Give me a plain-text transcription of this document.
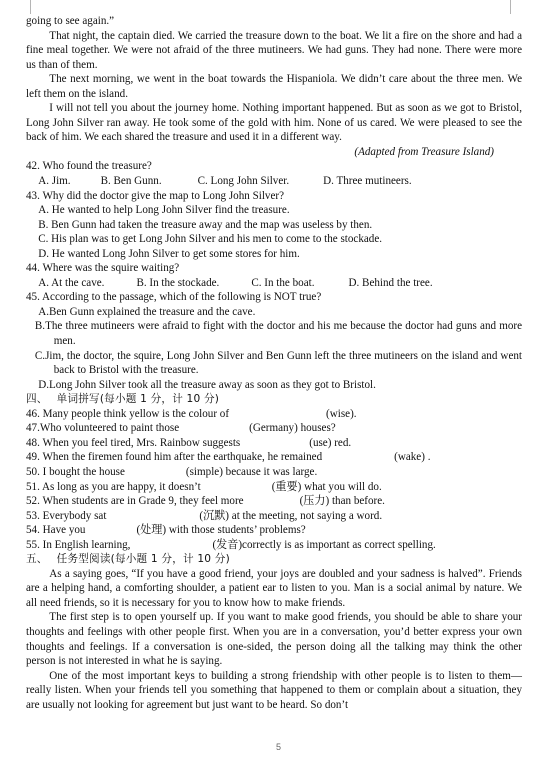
going to see again.”

That night, the captain died. We carried the treasure down to the boat. We lit a fire on the shore and had a fine meal together. We were not afraid of the three mutineers. We had guns. They had none. There were more us than of them.

The next morning, we went in the boat towards the Hispaniola. We didn’t care about the three men. We left them on the island.

I will not tell you about the journey home. Nothing important happened. But as soon as we got to Bristol, Long John Silver ran away. He took some of the gold with him. None of us cared. We were pleased to see the back of him. We each shared the treasure and used it in a different way.

(Adapted from Treasure Island)

42. Who found the treasure?

A. Jim.	B. Ben Gunn.	C. Long John Silver.	D. Three mutineers.

43. Why did the doctor give the map to Long John Silver?

A. He wanted to help Long John Silver find the treasure.

B. Ben Gunn had taken the treasure away and the map was useless by then.

C. His plan was to get Long John Silver and his men to come to the stockade.

D. He wanted Long John Silver to get some stores for him.

44. Where was the squire waiting?

A. At the cave.	B. In the stockade.	C. In the boat.	D. Behind the tree.

45. According to the passage, which of the following is NOT true?

A.Ben Gunn explained the treasure and the cave.

B.The three mutineers were afraid to fight with the doctor and his me because the doctor had guns and more men.

C.Jim, the doctor, the squire, Long John Silver and Ben Gunn left the three mutineers on the island and went back to Bristol with the treasure.

D.Long John Silver took all the treasure away as soon as they got to Bristol.

四、　 单词拼写(每小题 1 分，计 10 分)

46. Many people think yellow is the colour of	(wise).

47.Who volunteered to paint those	(Germany) houses?

48. When you feel tired, Mrs. Rainbow suggests	(use) red.

49. When the firemen found him after the earthquake, he remained	(wake) .

50. I bought the house	(simple) because it was large.

51. As long as you are happy, it doesn’t	(重要) what you will do.

52. When students are in Grade 9, they feel more	(压力) than before.

53. Everybody sat	(沉默) at the meeting, not saying a word.

54. Have you	(处理) with those students’ problems?

55. In English learning,	(发音)correctly is as important as correct spelling.

五、　 任务型阅读(每小题 1 分，计 10 分)

As a saying goes, “If you have a good friend, your joys are doubled and your sadness is halved”. Friends are a helping hand, a comforting shoulder, a patient ear to listen to you. Man is a social animal by nature. We all need friends, so it is necessary for you to know how to make friends.

The first step is to open yourself up. If you want to make good friends, you should be able to share your thoughts and feelings with other people first. When you are in a conversation, you’d better express your own thoughts and feelings. If a conversation is one-sided, the person doing all the talking may think the other person is not interested in what he is saying.

One of the most important keys to building a strong friendship with other people is to listen to them—really listen. When your friends tell you something that happened to them or complain about a situation, they are usually not looking for agreement but just want to be heard. So don’t

5
